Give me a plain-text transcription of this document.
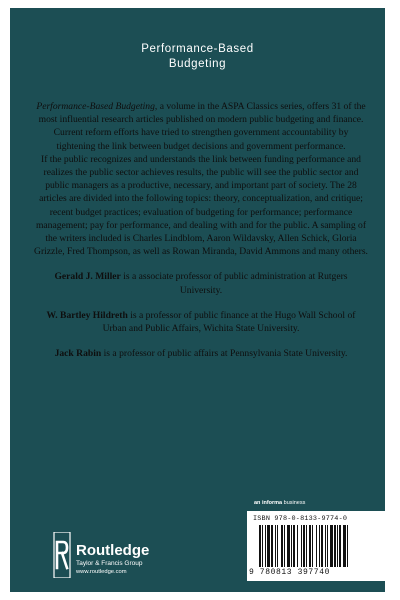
Performance-Based
Budgeting

Performance-Based Budgeting, a volume in the ASPA Classics series, offers 31 of the most influential research articles published on modern public budgeting and finance. Current reform efforts have tried to strengthen government accountability by tightening the link between budget decisions and government performance.

If the public recognizes and understands the link between funding performance and realizes the public sector achieves results, the public will see the public sector and public managers as a productive, necessary, and important part of society. The 28 articles are divided into the following topics: theory, conceptualization, and critique; recent budget practices; evaluation of budgeting for performance; performance management; pay for performance, and dealing with and for the public. A sampling of the writers included is Charles Lindblom, Aaron Wildavsky, Allen Schick, Gloria Grizzle, Fred Thompson, as well as Rowan Miranda, David Ammons and many others.

Gerald J. Miller is a associate professor of public administration at Rutgers University.

W. Bartley Hildreth is a professor of public finance at the Hugo Wall School of Urban and Public Affairs, Wichita State University.

Jack Rabin is a professor of public affairs at Pennsylvania State University.

an informa business
ISBN 978-0-8133-9774-0
9 780813 397740
Routledge
Taylor & Francis Group
www.routledge.com
